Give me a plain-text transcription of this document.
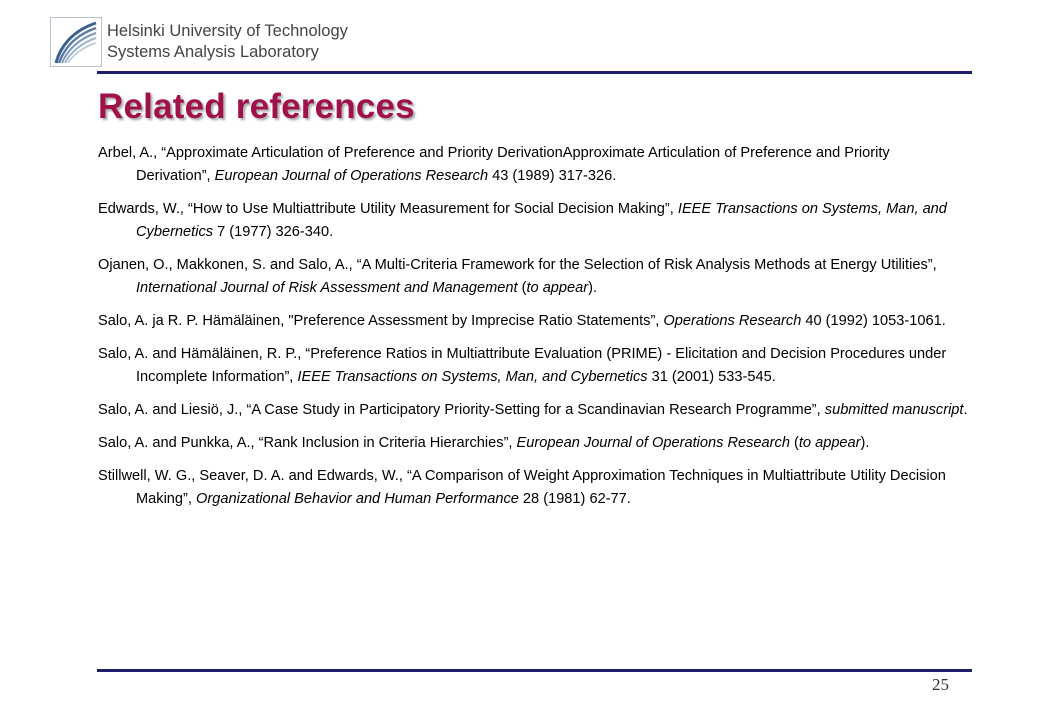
Helsinki University of Technology
Systems Analysis Laboratory
Related references

Arbel, A., “Approximate Articulation of Preference and Priority DerivationApproximate Articulation of Preference and Priority Derivation”, European Journal of Operations Research 43 (1989) 317-326.

Edwards, W., “How to Use Multiattribute Utility Measurement for Social Decision Making”, IEEE Transactions on Systems, Man, and Cybernetics 7 (1977) 326-340.

Ojanen, O., Makkonen, S. and Salo, A., “A Multi-Criteria Framework for the Selection of Risk Analysis Methods at Energy Utilities”, International Journal of Risk Assessment and Management (to appear).

Salo, A. ja R. P. Hämäläinen, "Preference Assessment by Imprecise Ratio Statements”, Operations Research 40 (1992) 1053-1061.

Salo, A. and Hämäläinen, R. P., “Preference Ratios in Multiattribute Evaluation (PRIME) - Elicitation and Decision Procedures under Incomplete Information”, IEEE Transactions on Systems, Man, and Cybernetics 31 (2001) 533-545.

Salo, A. and Liesiö, J., “A Case Study in Participatory Priority-Setting for a Scandinavian Research Programme”, submitted manuscript.

Salo, A. and Punkka, A., “Rank Inclusion in Criteria Hierarchies”, European Journal of Operations Research (to appear).

Stillwell, W. G., Seaver, D. A. and Edwards, W., “A Comparison of Weight Approximation Techniques in Multiattribute Utility Decision Making”, Organizational Behavior and Human Performance 28 (1981) 62-77.

25
